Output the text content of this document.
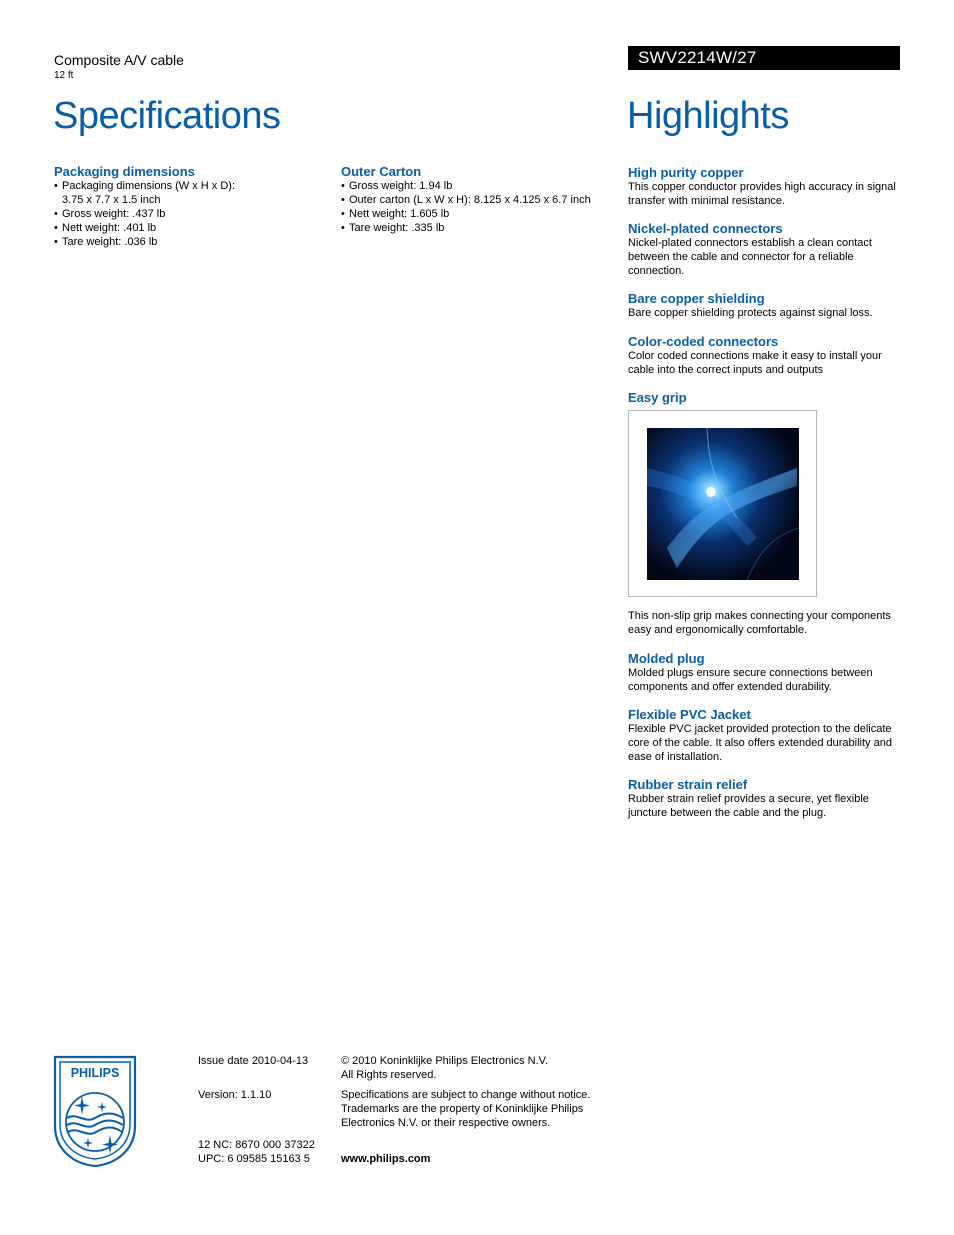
Composite A/V cable
12 ft
SWV2214W/27
Specifications	Highlights
Packaging dimensions
• Packaging dimensions (W x H x D): 3.75 x 7.7 x 1.5 inch
• Gross weight: .437 lb
• Nett weight: .401 lb
• Tare weight: .036 lb
Outer Carton
• Gross weight: 1.94 lb
• Outer carton (L x W x H): 8.125 x 4.125 x 6.7 inch
• Nett weight: 1.605 lb
• Tare weight: .335 lb
High purity copper
This copper conductor provides high accuracy in signal transfer with minimal resistance.
Nickel-plated connectors
Nickel-plated connectors establish a clean contact between the cable and connector for a reliable connection.
Bare copper shielding
Bare copper shielding protects against signal loss.
Color-coded connectors
Color coded connections make it easy to install your cable into the correct inputs and outputs
Easy grip
This non-slip grip makes connecting your components easy and ergonomically comfortable.
Molded plug
Molded plugs ensure secure connections between components and offer extended durability.
Flexible PVC Jacket
Flexible PVC jacket provided protection to the delicate core of the cable. It also offers extended durability and ease of installation.
Rubber strain relief
Rubber strain relief provides a secure, yet flexible juncture between the cable and the plug.
PHILIPS
Issue date 2010-04-13
Version: 1.1.10
12 NC: 8670 000 37322
UPC: 6 09585 15163 5
© 2010 Koninklijke Philips Electronics N.V.
All Rights reserved.
Specifications are subject to change without notice.
Trademarks are the property of Koninklijke Philips
Electronics N.V. or their respective owners.
www.philips.com
